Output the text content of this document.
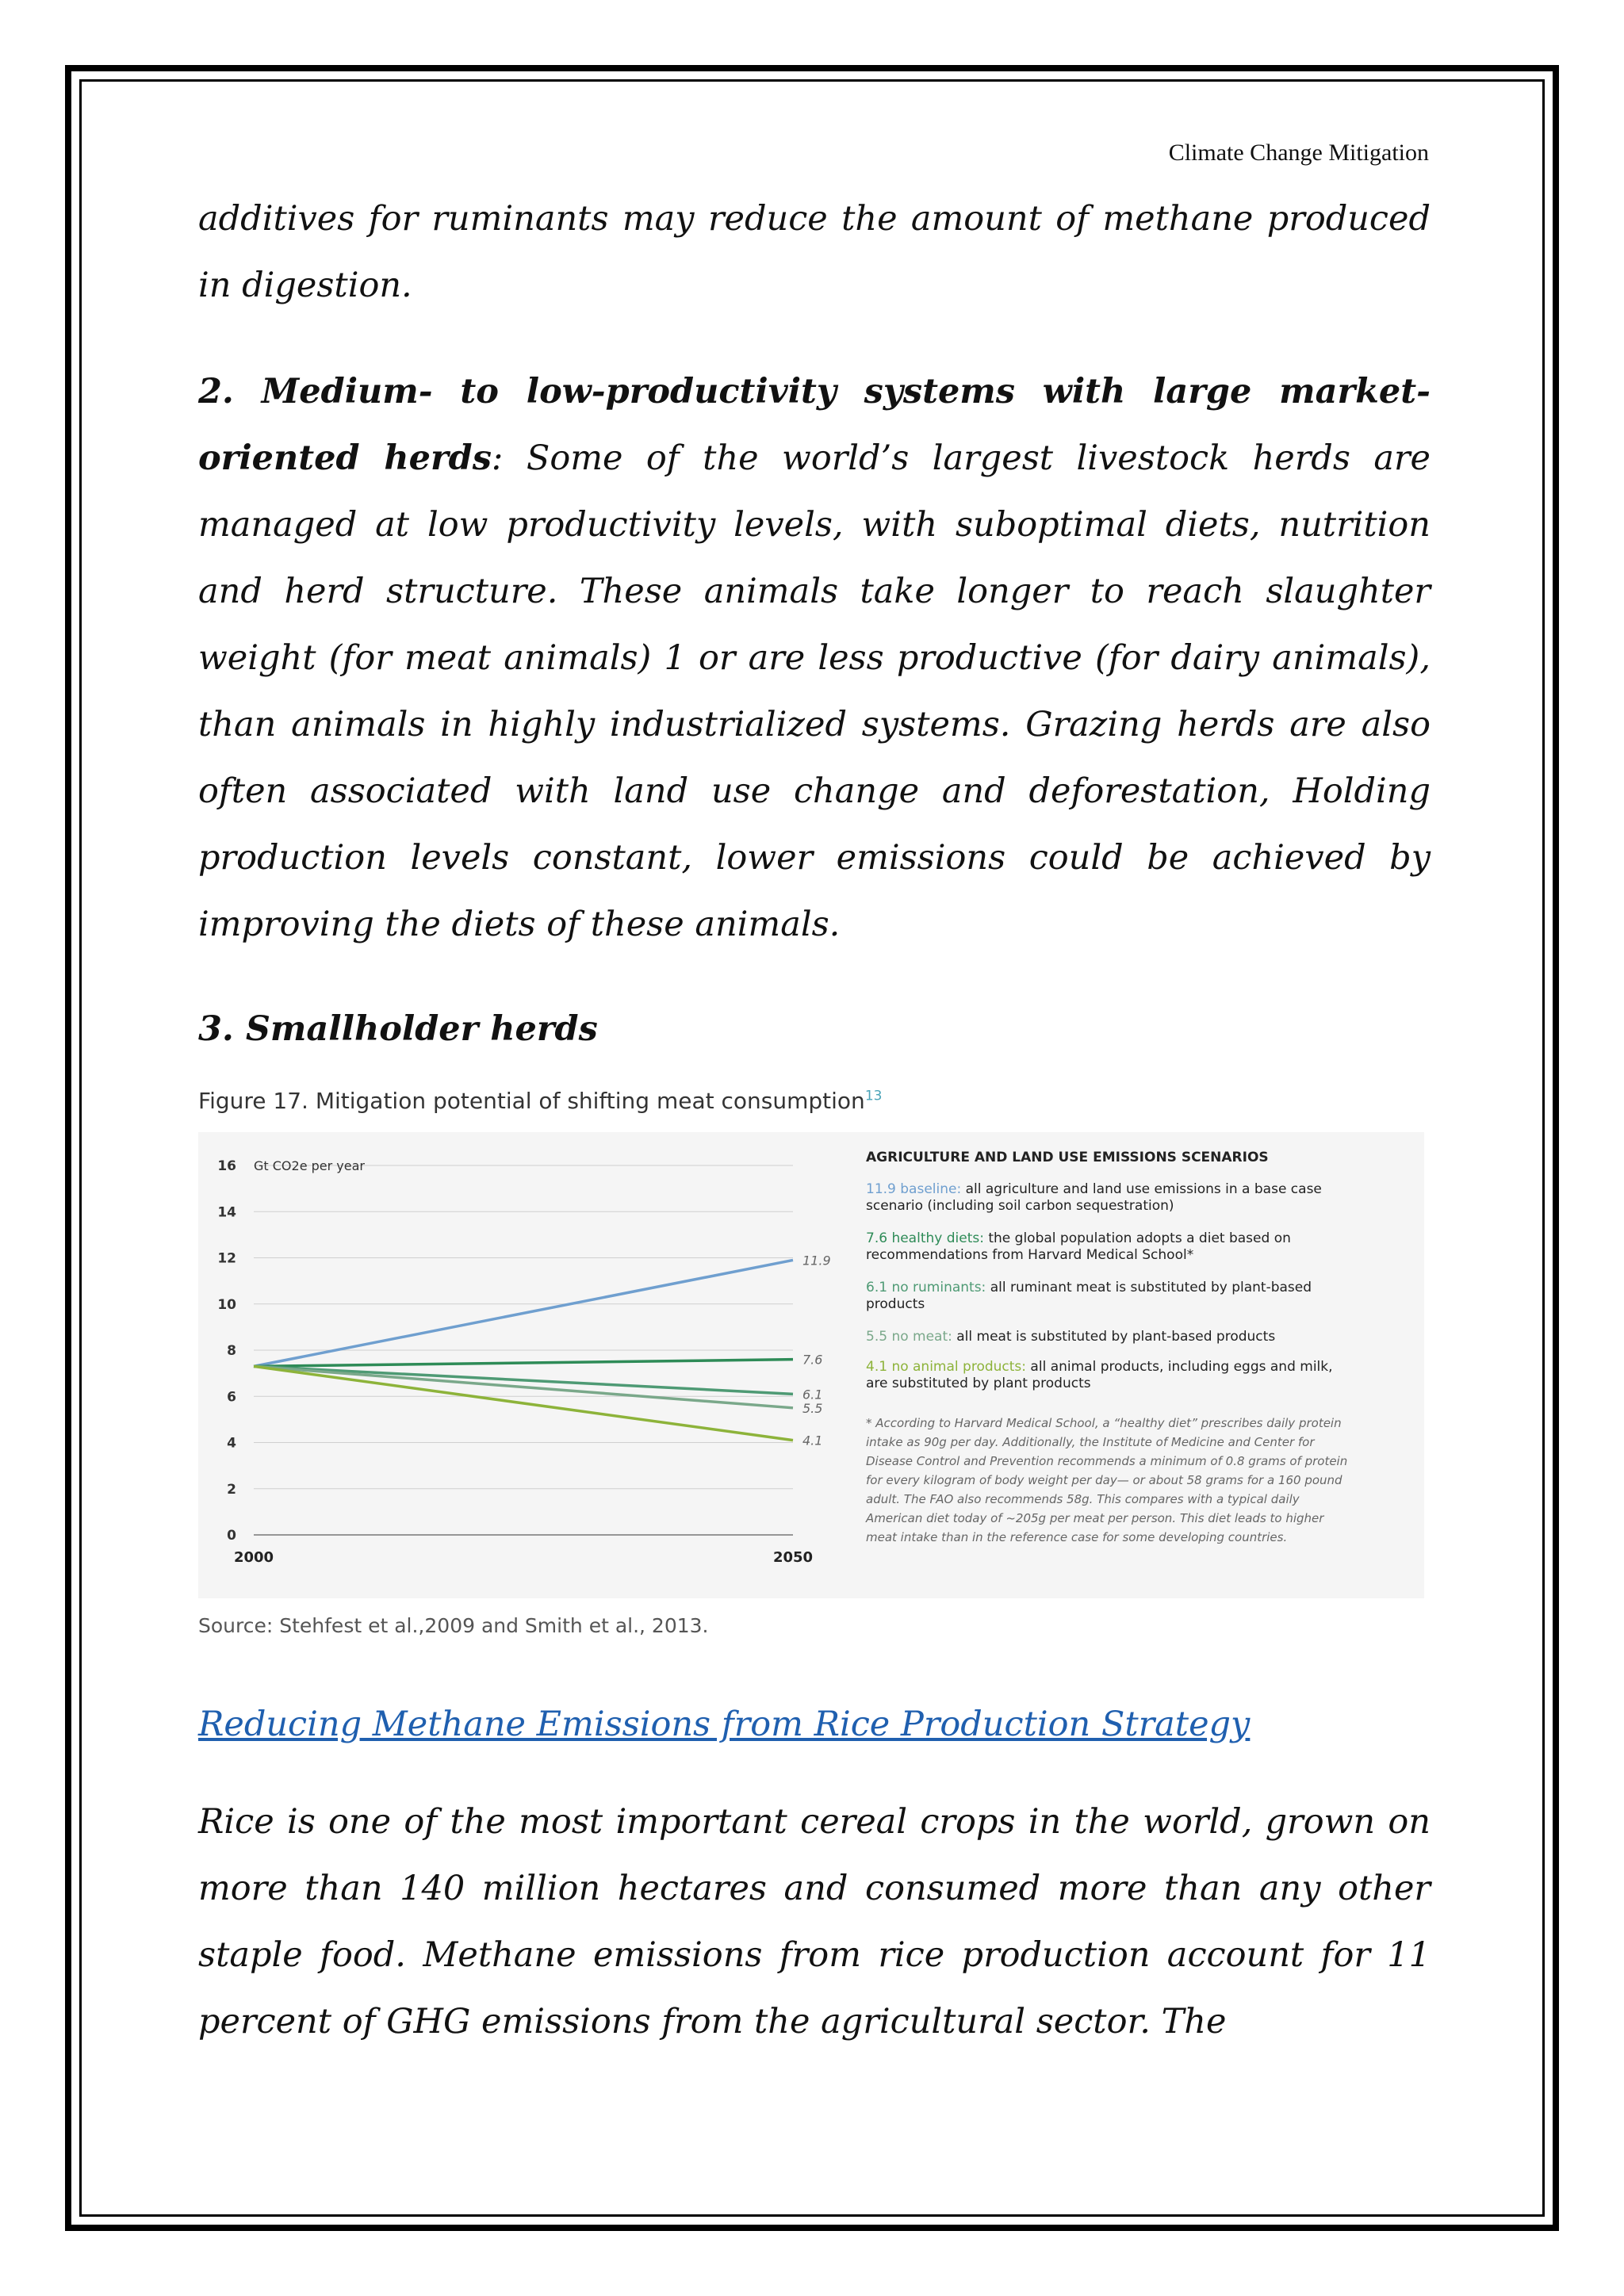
Climate Change Mitigation

additives for ruminants may reduce the amount of methane produced in digestion.

2. Medium- to low-productivity systems with large market-oriented herds: Some of the world’s largest livestock herds are managed at low productivity levels, with suboptimal diets, nutrition and herd structure. These animals take longer to reach slaughter weight (for meat animals) 1 or are less productive (for dairy animals), than animals in highly industrialized systems. Grazing herds are also often associated with land use change and deforestation, Holding production levels constant, lower emissions could be achieved by improving the diets of these animals.

3. Smallholder herds

Figure 17. Mitigation potential of shifting meat consumption$^{13}$
0
2
4
6
8
10
12
14
16 Gt CO2e per year
2000	2050
11.9
7.6
6.1
5.5
4.1
AGRICULTURE AND LAND USE EMISSIONS SCENARIOS
11.9 baseline: all agriculture and land use emissions in a base case scenario (including soil carbon sequestration)
7.6 healthy diets: the global population adopts a diet based on recommendations from Harvard Medical School*
6.1 no ruminants: all ruminant meat is substituted by plant-based products
5.5 no meat: all meat is substituted by plant-based products
4.1 no animal products: all animal products, including eggs and milk, are substituted by plant products
* According to Harvard Medical School, a “healthy diet” prescribes daily protein intake as 90g per day. Additionally, the Institute of Medicine and Center for Disease Control and Prevention recommends a minimum of 0.8 grams of protein for every kilogram of body weight per day— or about 58 grams for a 160 pound adult. The FAO also recommends 58g. This compares with a typical daily American diet today of ~205g per meat per person. This diet leads to higher meat intake than in the reference case for some developing countries.
Source: Stehfest et al.,2009 and Smith et al., 2013.

Reducing Methane Emissions from Rice Production Strategy

Rice is one of the most important cereal crops in the world, grown on more than 140 million hectares and consumed more than any other staple food. Methane emissions from rice production account for 11 percent of GHG emissions from the agricultural sector. The
